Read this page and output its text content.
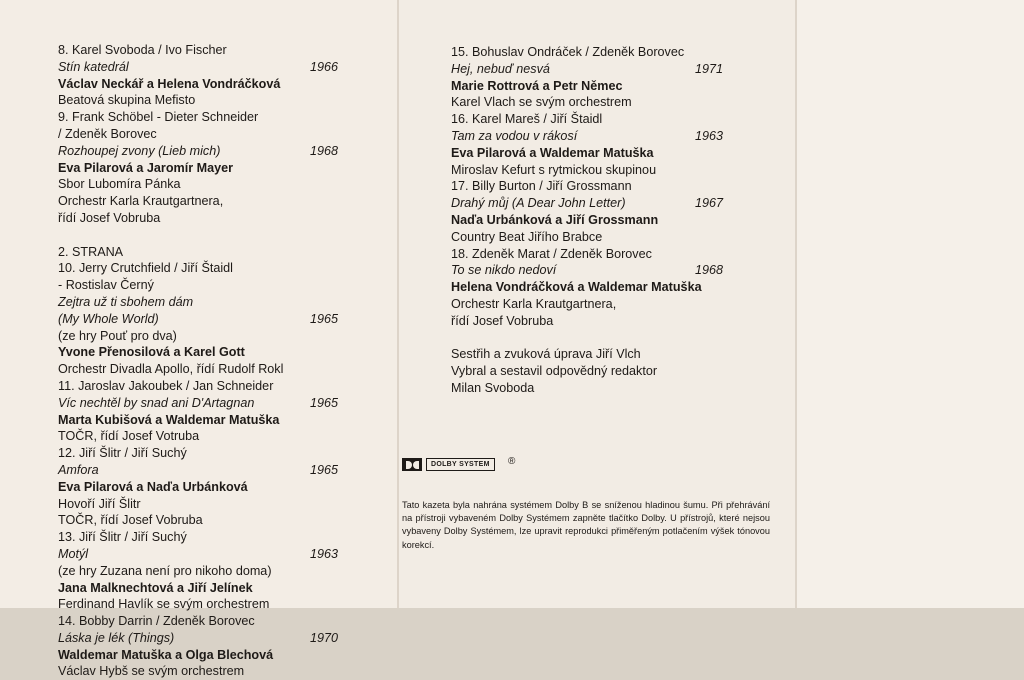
8. Karel Svoboda / Ivo Fischer
Stín katedrál	1966
Václav Neckář a Helena Vondráčková
Beatová skupina Mefisto
9. Frank Schöbel - Dieter Schneider
/ Zdeněk Borovec
Rozhoupej zvony (Lieb mich)	1968
Eva Pilarová a Jaromír Mayer
Sbor Lubomíra Pánka
Orchestr Karla Krautgartnera,
řídí Josef Vobruba
2. STRANA
10. Jerry Crutchfield / Jiří Štaidl
- Rostislav Černý
Zejtra už ti sbohem dám
(My Whole World)	1965
(ze hry Pouť pro dva)
Yvone Přenosilová a Karel Gott
Orchestr Divadla Apollo, řídí Rudolf Rokl
11. Jaroslav Jakoubek / Jan Schneider
Víc nechtěl by snad ani D'Artagnan	1965
Marta Kubišová a Waldemar Matuška
TOČR, řídí Josef Votruba
12. Jiří Šlitr / Jiří Suchý
Amfora	1965
Eva Pilarová a Naďa Urbánková
Hovoří Jiří Šlitr
TOČR, řídí Josef Vobruba
13. Jiří Šlitr / Jiří Suchý
Motýl	1963
(ze hry Zuzana není pro nikoho doma)
Jana Malknechtová a Jiří Jelínek
Ferdinand Havlík se svým orchestrem
14. Bobby Darrin / Zdeněk Borovec
Láska je lék (Things)	1970
Waldemar Matuška a Olga Blechová
Václav Hybš se svým orchestrem
15. Bohuslav Ondráček / Zdeněk Borovec
Hej, nebuď nesvá	1971
Marie Rottrová a Petr Němec
Karel Vlach se svým orchestrem
16. Karel Mareš / Jiří Štaidl
Tam za vodou v rákosí	1963
Eva Pilarová a Waldemar Matuška
Miroslav Kefurt s rytmickou skupinou
17. Billy Burton / Jiří Grossmann
Drahý můj (A Dear John Letter)	1967
Naďa Urbánková a Jiří Grossmann
Country Beat Jiřího Brabce
18. Zdeněk Marat / Zdeněk Borovec
To se nikdo nedoví	1968
Helena Vondráčková a Waldemar Matuška
Orchestr Karla Krautgartnera,
řídí Josef Vobruba
Sestřih a zvuková úprava Jiří Vlch
Vybral a sestavil odpovědný redaktor
Milan Svoboda
DOLBY SYSTEM	®
Tato kazeta byla nahrána systémem Dolby B se sníženou hladinou šumu. Při přehrávání na přístroji vybaveném Dolby Systémem zapněte tlačítko Dolby. U přístrojů, které nejsou vybaveny Dolby Systémem, lze upravit reprodukci přiměřeným potlačením výšek tónovou korekcí.
